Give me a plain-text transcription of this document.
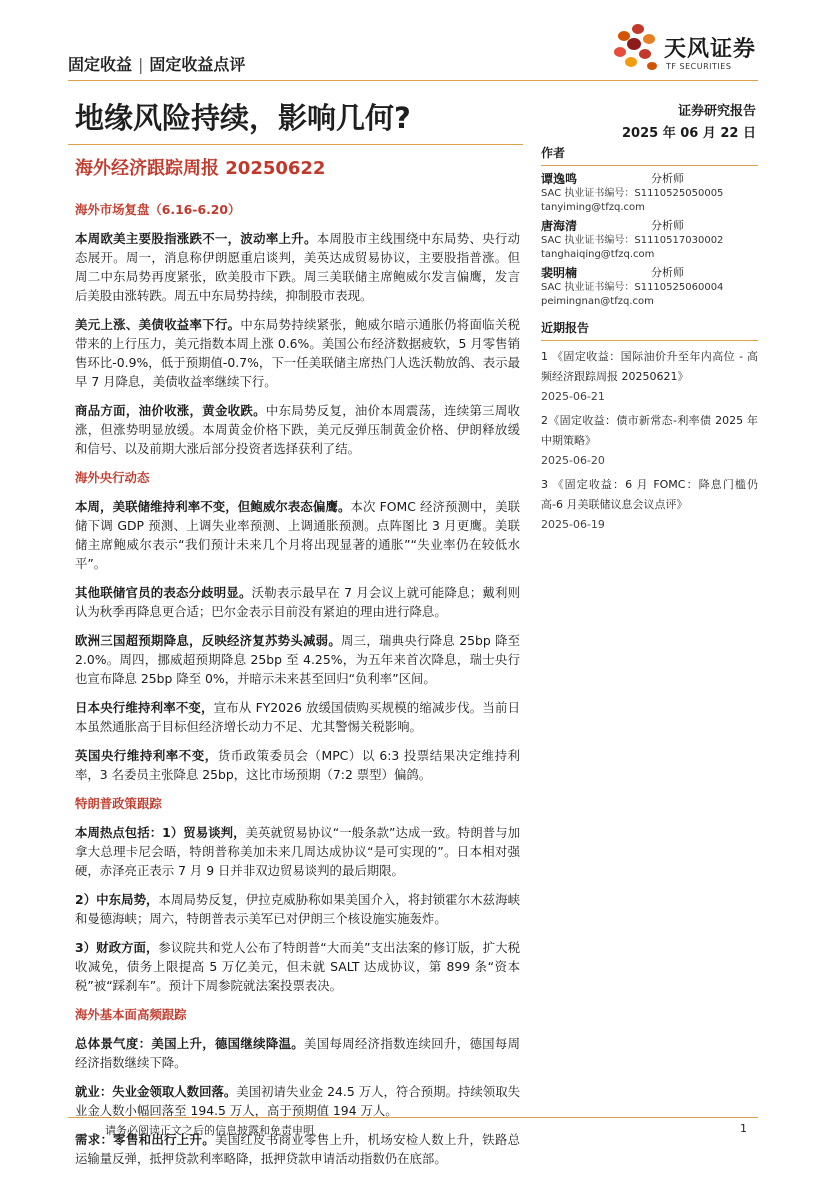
固定收益 | 固定收益点评
天风证券
TF SECURITIES
地缘风险持续，影响几何?	证券研究报告
2025 年 06 月 22 日
海外经济跟踪周报 20250622
海外市场复盘（6.16-6.20）

本周欧美主要股指涨跌不一，波动率上升。本周股市主线围绕中东局势、央行动态展开。周一，消息称伊朗愿重启谈判，美英达成贸易协议，主要股指普涨。但周二中东局势再度紧张，欧美股市下跌。周三美联储主席鲍威尔发言偏鹰，发言后美股由涨转跌。周五中东局势持续，抑制股市表现。

美元上涨、美债收益率下行。中东局势持续紧张，鲍威尔暗示通胀仍将面临关税带来的上行压力，美元指数本周上涨 0.6%。美国公布经济数据疲软，5 月零售销售环比-0.9%，低于预期值-0.7%，下一任美联储主席热门人选沃勒放鸽、表示最早 7 月降息，美债收益率继续下行。

商品方面，油价收涨，黄金收跌。中东局势反复，油价本周震荡，连续第三周收涨，但涨势明显放缓。本周黄金价格下跌，美元反弹压制黄金价格、伊朗释放缓和信号、以及前期大涨后部分投资者选择获利了结。

海外央行动态

本周，美联储维持利率不变，但鲍威尔表态偏鹰。本次 FOMC 经济预测中，美联储下调 GDP 预测、上调失业率预测、上调通胀预测。点阵图比 3 月更鹰。美联储主席鲍威尔表示“我们预计未来几个月将出现显著的通胀”“失业率仍在较低水平”。

其他联储官员的表态分歧明显。沃勒表示最早在 7 月会议上就可能降息；戴利则认为秋季再降息更合适；巴尔金表示目前没有紧迫的理由进行降息。

欧洲三国超预期降息，反映经济复苏势头减弱。周三，瑞典央行降息 25bp 降至 2.0%。周四，挪威超预期降息 25bp 至 4.25%，为五年来首次降息，瑞士央行也宣布降息 25bp 降至 0%，并暗示未来甚至回归“负利率”区间。

日本央行维持利率不变，宣布从 FY2026 放缓国债购买规模的缩减步伐。当前日本虽然通胀高于目标但经济增长动力不足、尤其警惕关税影响。

英国央行维持利率不变，货币政策委员会（MPC）以 6:3 投票结果决定维持利率，3 名委员主张降息 25bp，这比市场预期（7:2 票型）偏鸽。

特朗普政策跟踪

本周热点包括：1）贸易谈判，美英就贸易协议“一般条款”达成一致。特朗普与加拿大总理卡尼会晤，特朗普称美加未来几周达成协议“是可实现的”。日本相对强硬，赤泽亮正表示 7 月 9 日并非双边贸易谈判的最后期限。

2）中东局势，本周局势反复，伊拉克威胁称如果美国介入，将封锁霍尔木兹海峡和曼德海峡；周六，特朗普表示美军已对伊朗三个核设施实施轰炸。

3）财政方面，参议院共和党人公布了特朗普“大而美”支出法案的修订版，扩大税收减免，债务上限提高 5 万亿美元，但未就 SALT 达成协议，第 899 条“资本税”被“踩刹车”。预计下周参院就法案投票表决。

海外基本面高频跟踪

总体景气度：美国上升，德国继续降温。美国每周经济指数连续回升，德国每周经济指数继续下降。

就业：失业金领取人数回落。美国初请失业金 24.5 万人，符合预期。持续领取失业金人数小幅回落至 194.5 万人，高于预期值 194 万人。

需求：零售和出行上升。美国红皮书商业零售上升，机场安检人数上升，铁路总运输量反弹，抵押贷款利率略降，抵押贷款申请活动指数仍在底部。

作者
谭逸鸣	分析师
SAC 执业证书编号：S1110525050005
tanyiming@tfzq.com
唐海清	分析师
SAC 执业证书编号：S1110517030002
tanghaiqing@tfzq.com
裴明楠	分析师
SAC 执业证书编号：S1110525060004
peimingnan@tfzq.com
近期报告
1 《固定收益：国际油价升至年内高位 - 高频经济跟踪周报 20250621》
2025-06-21
2《固定收益：债市新常态-利率债 2025 年中期策略》
2025-06-20
3 《固定收益：6 月 FOMC：降息门槛仍高-6 月美联储议息会议点评》
2025-06-19
请务必阅读正文之后的信息披露和免责申明	1
